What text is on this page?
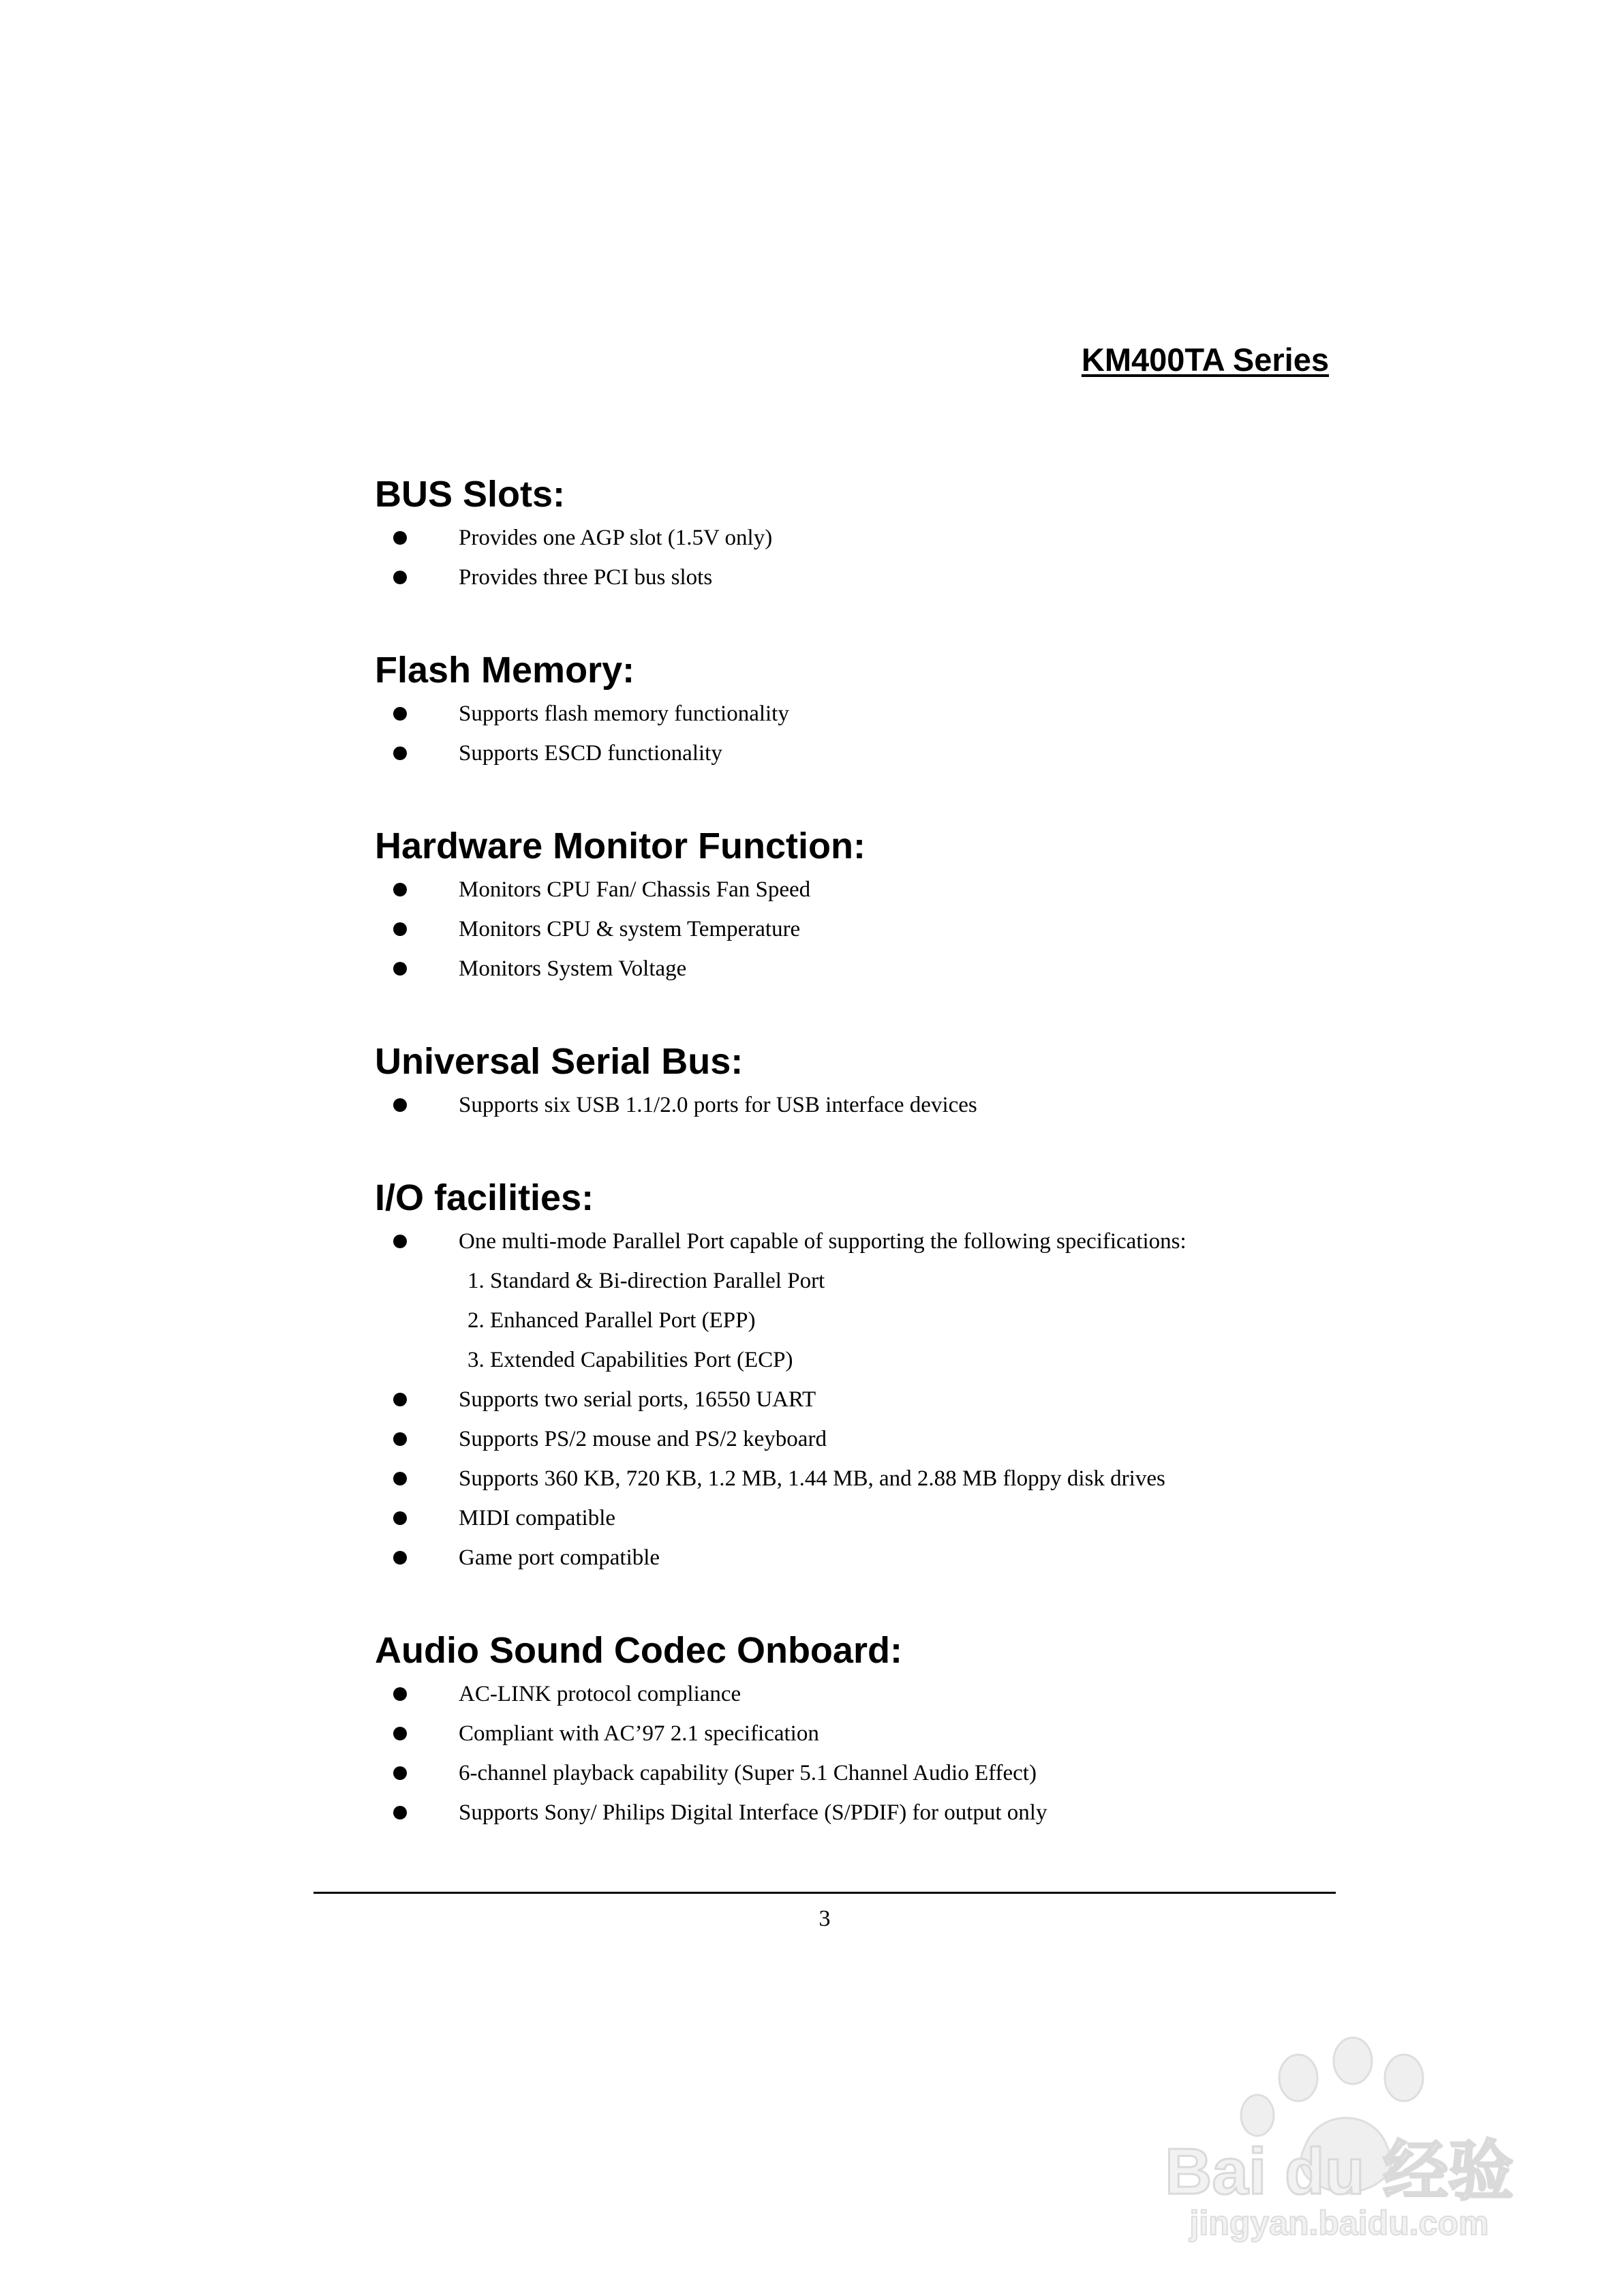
KM400TA Series
BUS Slots:
Provides one AGP slot (1.5V only)
Provides three PCI bus slots
Flash Memory:
Supports flash memory functionality
Supports ESCD functionality
Hardware Monitor Function:
Monitors CPU Fan/ Chassis Fan Speed
Monitors CPU & system Temperature
Monitors System Voltage
Universal Serial Bus:
Supports six USB 1.1/2.0 ports for USB interface devices
I/O facilities:
One multi-mode Parallel Port capable of supporting the following specifications:
1. Standard & Bi-direction Parallel Port
2. Enhanced Parallel Port (EPP)
3. Extended Capabilities Port (ECP)
Supports two serial ports, 16550 UART
Supports PS/2 mouse and PS/2 keyboard
Supports 360 KB, 720 KB, 1.2 MB, 1.44 MB, and 2.88 MB floppy disk drives
MIDI compatible
Game port compatible
Audio Sound Codec Onboard:
AC-LINK protocol compliance
Compliant with AC’97 2.1 specification
6-channel playback capability (Super 5.1 Channel Audio Effect)
Supports Sony/ Philips Digital Interface (S/PDIF) for output only
3
Bai du 经验
jingyan.baidu.com
